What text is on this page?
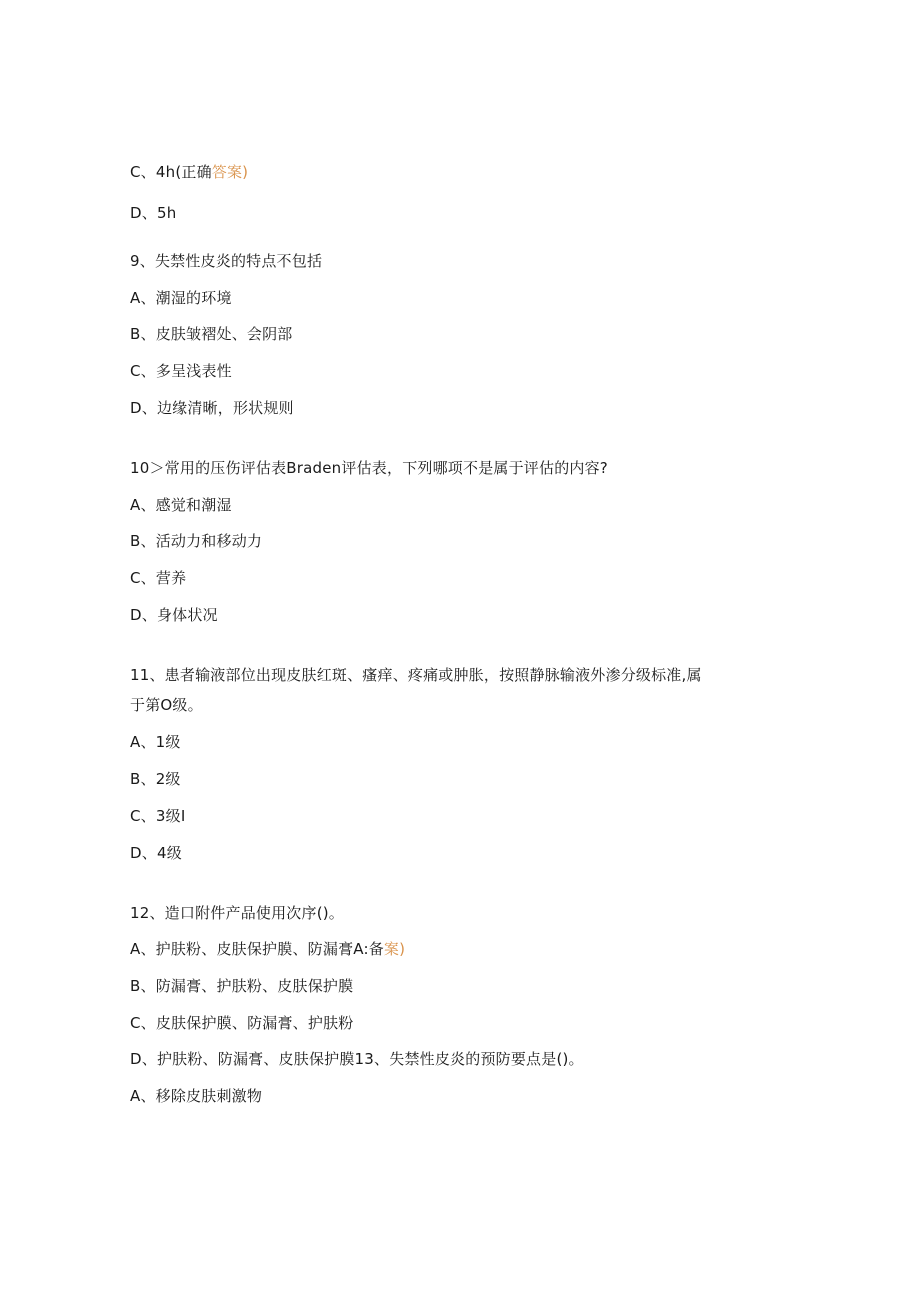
C、4h(正确答案)
D、5h
9、失禁性皮炎的特点不包括
A、潮湿的环境
B、皮肤皱褶处、会阴部
C、多呈浅表性
D、边缘清晰，形状规则
10＞常用的压伤评估表Braden评估表，下列哪项不是属于评估的内容?
A、感觉和潮湿
B、活动力和移动力
C、营养
D、身体状况
11、患者输液部位出现皮肤红斑、瘙痒、疼痛或肿胀，按照静脉输液外渗分级标准,属
于第O级。
A、1级
B、2级
C、3级I
D、4级
12、造口附件产品使用次序()。
A、护肤粉、皮肤保护膜、防漏膏A:备案)
B、防漏膏、护肤粉、皮肤保护膜
C、皮肤保护膜、防漏膏、护肤粉
D、护肤粉、防漏膏、皮肤保护膜13、失禁性皮炎的预防要点是()。
A、移除皮肤刺激物
